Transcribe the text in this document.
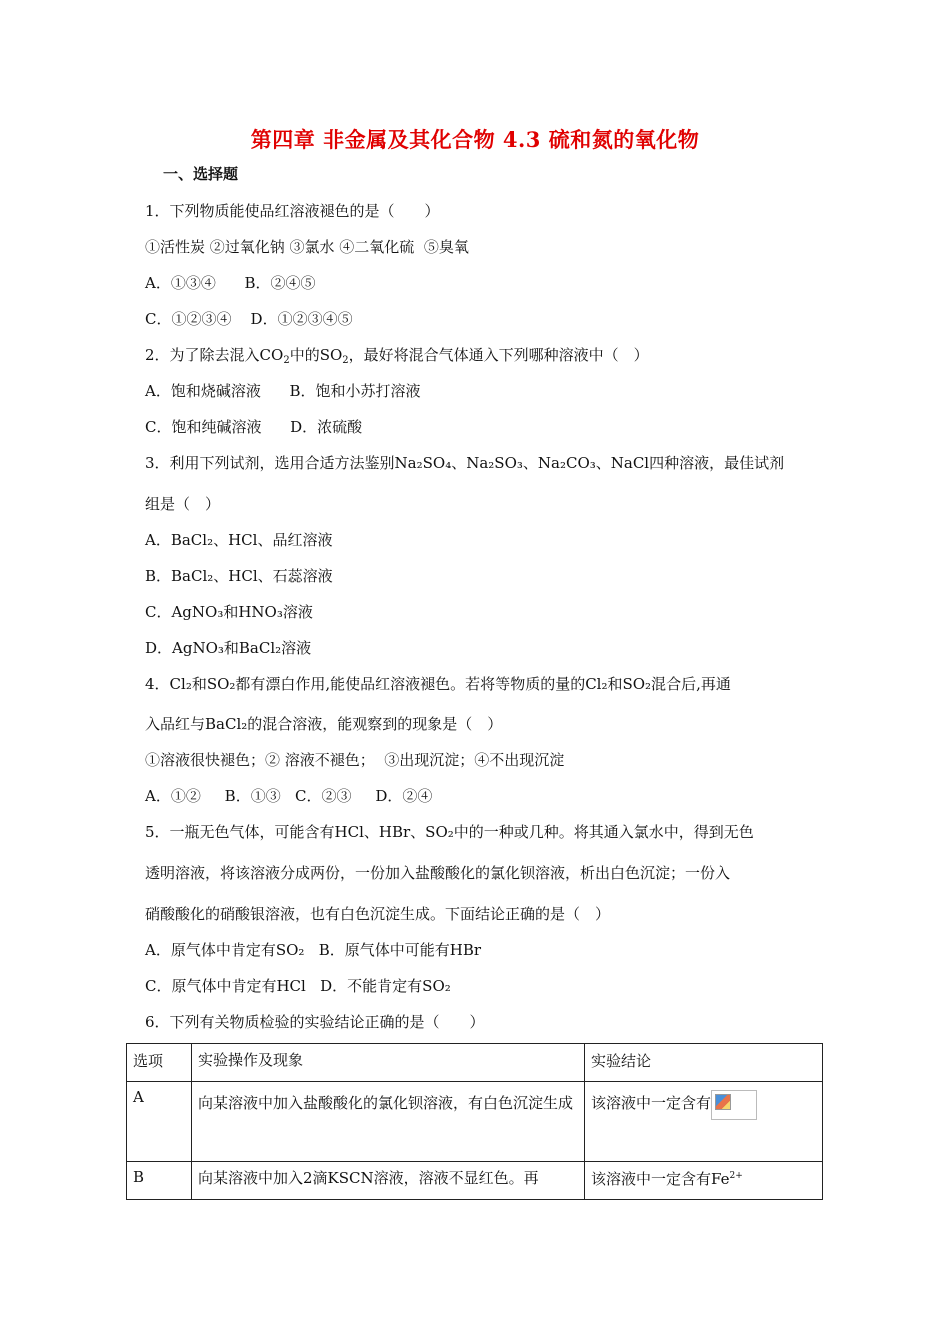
第四章 非金属及其化合物 4.3 硫和氮的氧化物
一、选择题
1．下列物质能使品红溶液褪色的是（　　）
①活性炭 ②过氧化钠 ③氯水 ④二氧化硫  ⑤臭氧
A．①③④      B．②④⑤
C．①②③④    D．①②③④⑤
2．为了除去混入$CO_2$中的$SO_2$，最好将混合气体通入下列哪种溶液中（　）
A．饱和烧碱溶液      B．饱和小苏打溶液
C．饱和纯碱溶液      D．浓硫酸
3．利用下列试剂，选用合适方法鉴别Na₂SO₄、Na₂SO₃、Na₂CO₃、NaCl四种溶液，最佳试剂
组是（　）
A．BaCl₂、HCl、品红溶液
B．BaCl₂、HCl、石蕊溶液
C．AgNO₃和HNO₃溶液
D．AgNO₃和BaCl₂溶液
4．Cl₂和SO₂都有漂白作用,能使品红溶液褪色。若将等物质的量的Cl₂和SO₂混合后,再通
入品红与BaCl₂的混合溶液，能观察到的现象是（　）
①溶液很快褪色；② 溶液不褪色；  ③出现沉淀；④不出现沉淀
A．①②     B．①③   C．②③     D．②④
5．一瓶无色气体，可能含有HCl、HBr、SO₂中的一种或几种。将其通入氯水中，得到无色
透明溶液，将该溶液分成两份，一份加入盐酸酸化的氯化钡溶液，析出白色沉淀；一份入
硝酸酸化的硝酸银溶液，也有白色沉淀生成。下面结论正确的是（　）
A．原气体中肯定有SO₂   B．原气体中可能有HBr
C．原气体中肯定有HCl   D．不能肯定有SO₂
6．下列有关物质检验的实验结论正确的是（　　）
选项	实验操作及现象	实验结论
A	向某溶液中加入盐酸酸化的氯化钡溶液，有白色沉淀生成	该溶液中一定含有

B	向某溶液中加入2滴KSCN溶液，溶液不显红色。再	该溶液中一定含有$Fe^{2+}$
